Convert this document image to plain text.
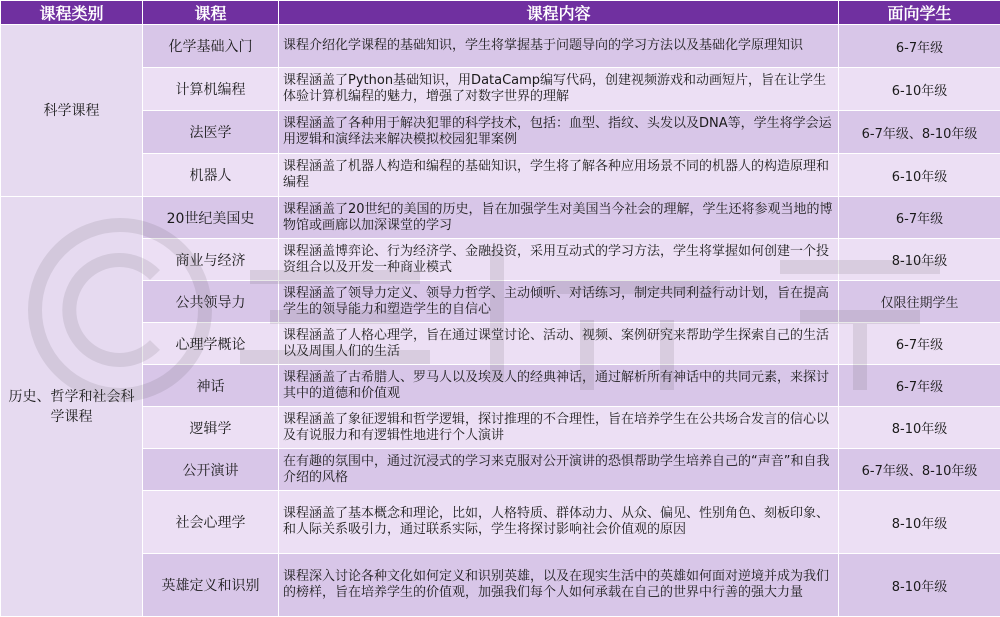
课程类别	课程	课程内容	面向学生
科学课程	化学基础入门	课程介绍化学课程的基础知识，学生将掌握基于问题导向的学习方法以及基础化学原理知识	6-7年级
	计算机编程	课程涵盖了Python基础知识，用DataCamp编写代码，创建视频游戏和动画短片，旨在让学生体验计算机编程的魅力，增强了对数字世界的理解	6-10年级
	法医学	课程涵盖了各种用于解决犯罪的科学技术，包括：血型、指纹、头发以及DNA等，学生将学会运用逻辑和演绎法来解决模拟校园犯罪案例	6-7年级、8-10年级
	机器人	课程涵盖了机器人构造和编程的基础知识，学生将了解各种应用场景不同的机器人的构造原理和编程	6-10年级
历史、哲学和社会科学课程	20世纪美国史	课程涵盖了20世纪的美国的历史，旨在加强学生对美国当今社会的理解，学生还将参观当地的博物馆或画廊以加深课堂的学习	6-7年级
	商业与经济	课程涵盖博弈论、行为经济学、金融投资，采用互动式的学习方法，学生将掌握如何创建一个投资组合以及开发一种商业模式	8-10年级
	公共领导力	课程涵盖了领导力定义、领导力哲学、主动倾听、对话练习，制定共同利益行动计划，旨在提高学生的领导能力和塑造学生的自信心	仅限往期学生
	心理学概论	课程涵盖了人格心理学，旨在通过课堂讨论、活动、视频、案例研究来帮助学生探索自己的生活以及周围人们的生活	6-7年级
	神话	课程涵盖了古希腊人、罗马人以及埃及人的经典神话，通过解析所有神话中的共同元素，来探讨其中的道德和价值观	6-7年级
	逻辑学	课程涵盖了象征逻辑和哲学逻辑，探讨推理的不合理性，旨在培养学生在公共场合发言的信心以及有说服力和有逻辑性地进行个人演讲	8-10年级
	公开演讲	在有趣的氛围中，通过沉浸式的学习来克服对公开演讲的恐惧帮助学生培养自己的“声音”和自我介绍的风格	6-7年级、8-10年级
	社会心理学	课程涵盖了基本概念和理论，比如，人格特质、群体动力、从众、偏见、性别角色、刻板印象、和人际关系吸引力，通过联系实际，学生将探讨影响社会价值观的原因	8-10年级
	英雄定义和识别	课程深入讨论各种文化如何定义和识别英雄，以及在现实生活中的英雄如何面对逆境并成为我们的榜样，旨在培养学生的价值观，加强我们每个人如何承载在自己的世界中行善的强大力量	8-10年级
